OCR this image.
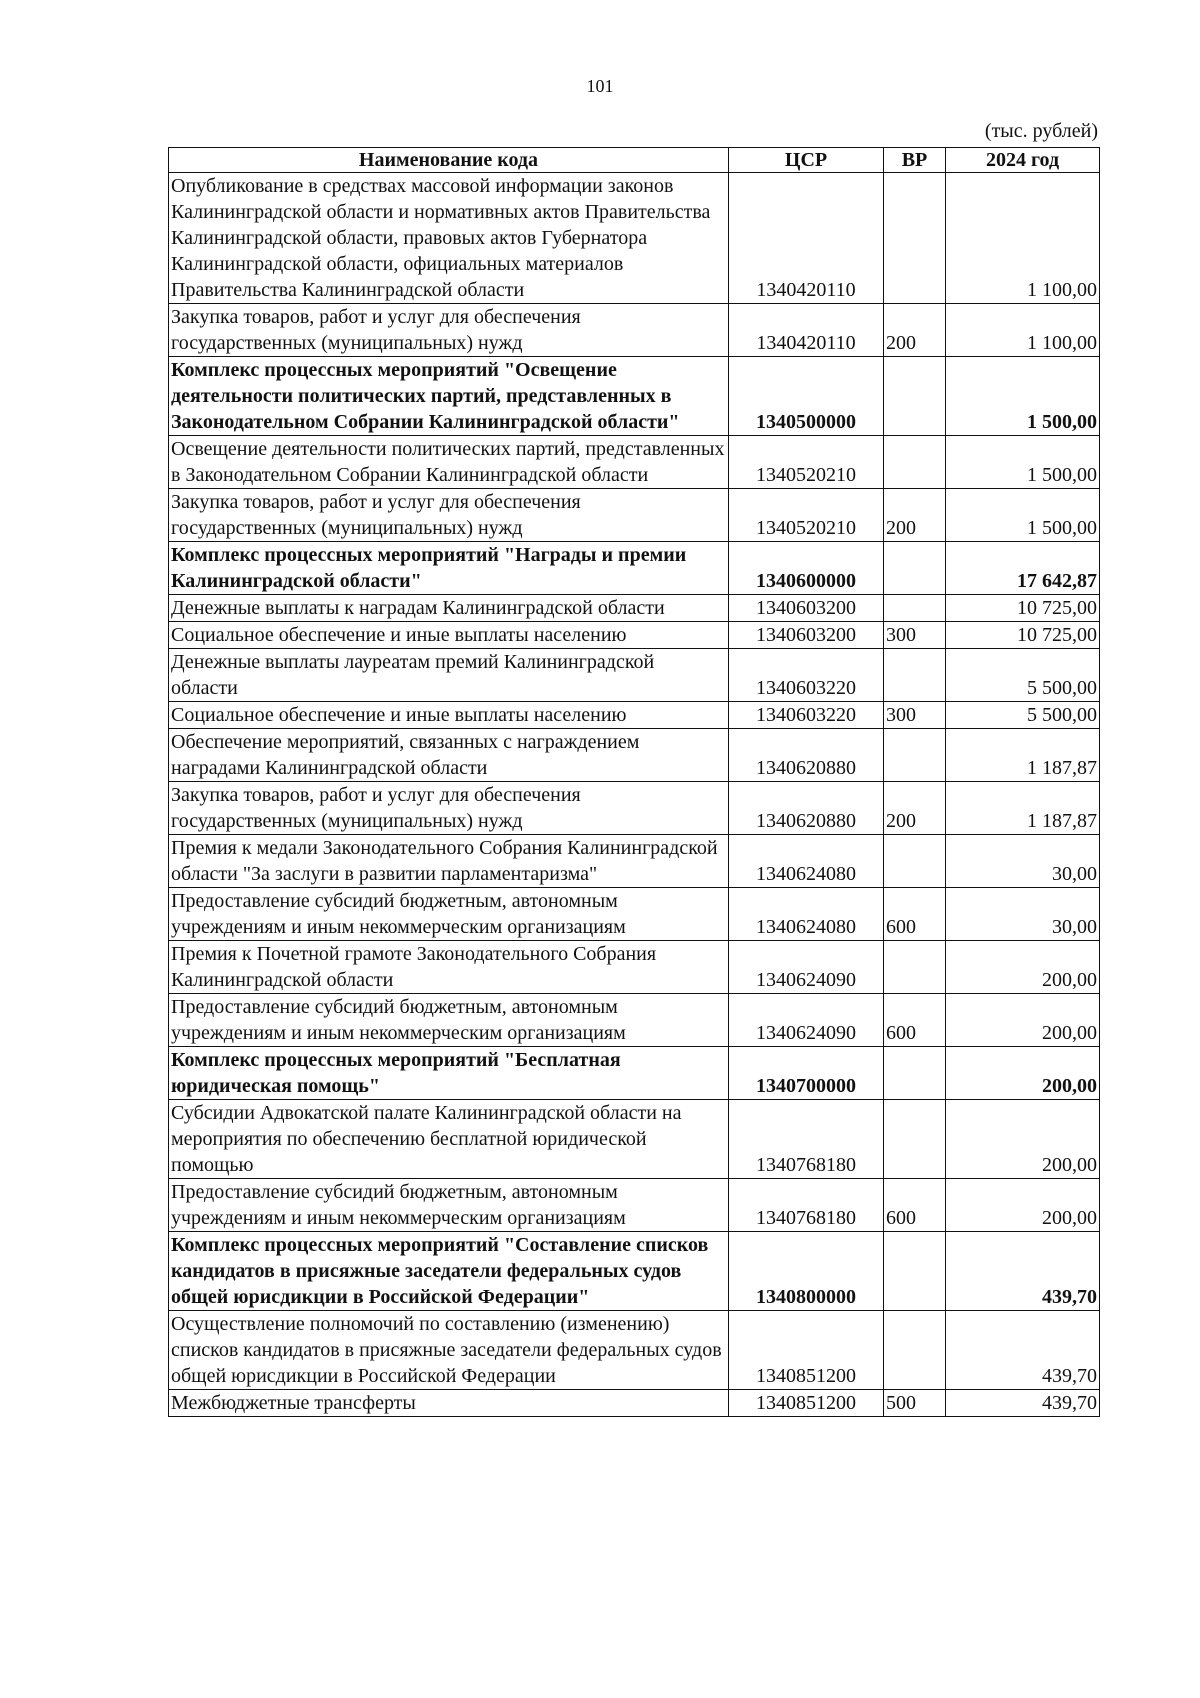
101
(тыс. рублей)
Наименование кода	ЦСР	ВР	2024 год
Опубликование в средствах массовой информации законов Калининградской области и нормативных актов Правительства Калининградской области, правовых актов Губернатора Калининградской области, официальных материалов Правительства Калининградской области	1340420110		1 100,00
Закупка товаров, работ и услуг для обеспечения государственных (муниципальных) нужд	1340420110	200	1 100,00
Комплекс процессных мероприятий "Освещение деятельности политических партий, представленных в Законодательном Собрании Калининградской области"	1340500000		1 500,00
Освещение деятельности политических партий, представленных в Законодательном Собрании Калининградской области	1340520210		1 500,00
Закупка товаров, работ и услуг для обеспечения государственных (муниципальных) нужд	1340520210	200	1 500,00
Комплекс процессных мероприятий "Награды и премии Калининградской области"	1340600000		17 642,87
Денежные выплаты к наградам Калининградской области	1340603200		10 725,00
Социальное обеспечение и иные выплаты населению	1340603200	300	10 725,00
Денежные выплаты лауреатам премий Калининградской области	1340603220		5 500,00
Социальное обеспечение и иные выплаты населению	1340603220	300	5 500,00
Обеспечение мероприятий, связанных с награждением наградами Калининградской области	1340620880		1 187,87
Закупка товаров, работ и услуг для обеспечения государственных (муниципальных) нужд	1340620880	200	1 187,87
Премия к медали Законодательного Собрания Калининградской области "За заслуги в развитии парламентаризма"	1340624080		30,00
Предоставление субсидий бюджетным, автономным учреждениям и иным некоммерческим организациям	1340624080	600	30,00
Премия к Почетной грамоте Законодательного Собрания Калининградской области	1340624090		200,00
Предоставление субсидий бюджетным, автономным учреждениям и иным некоммерческим организациям	1340624090	600	200,00
Комплекс процессных мероприятий "Бесплатная юридическая помощь"	1340700000		200,00
Субсидии Адвокатской палате Калининградской области на мероприятия по обеспечению бесплатной юридической помощью	1340768180		200,00
Предоставление субсидий бюджетным, автономным учреждениям и иным некоммерческим организациям	1340768180	600	200,00
Комплекс процессных мероприятий "Составление списков кандидатов в присяжные заседатели федеральных судов общей юрисдикции в Российской Федерации"	1340800000		439,70
Осуществление полномочий по составлению (изменению) списков кандидатов в присяжные заседатели федеральных судов общей юрисдикции в Российской Федерации	1340851200		439,70
Межбюджетные трансферты	1340851200	500	439,70
